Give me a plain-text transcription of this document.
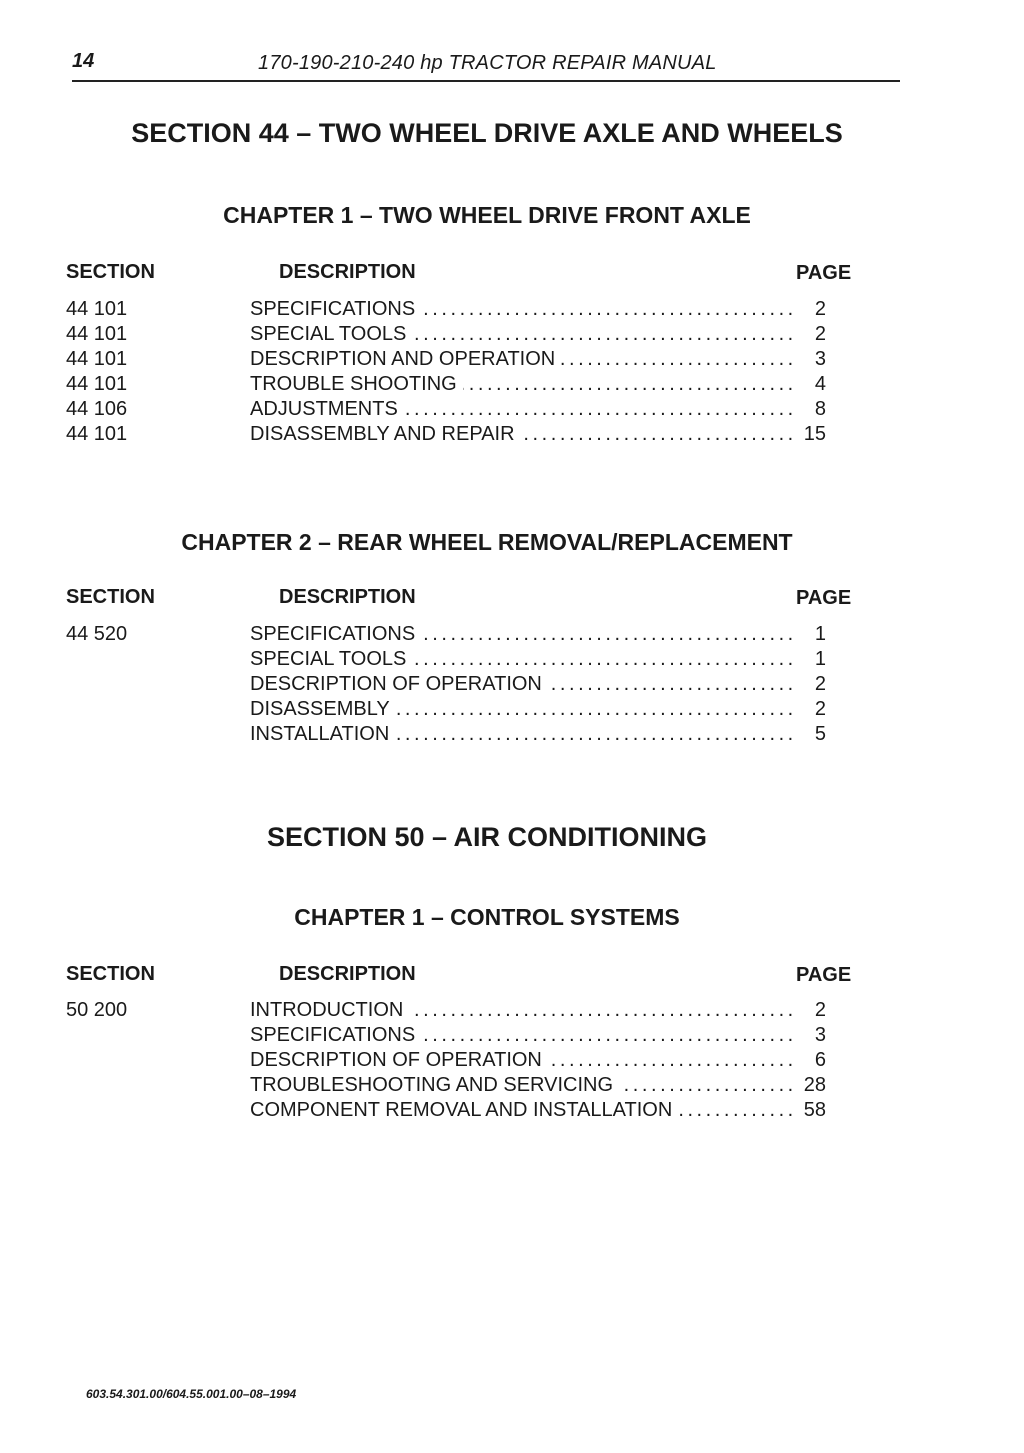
14	170-190-210-240 hp TRACTOR REPAIR MANUAL
SECTION 44 – TWO WHEEL DRIVE AXLE AND WHEELS
CHAPTER 1 – TWO WHEEL DRIVE FRONT AXLE
SECTION	DESCRIPTION	PAGE
44 101	SPECIFICATIONS . . .	2
44 101	SPECIAL TOOLS . . .	2
44 101	DESCRIPTION AND OPERATION . . .	3
44 101	TROUBLE SHOOTING . . .	4
44 106	ADJUSTMENTS . . .	8
44 101	DISASSEMBLY AND REPAIR . . .	15
CHAPTER 2 – REAR WHEEL REMOVAL/REPLACEMENT
SECTION	DESCRIPTION	PAGE
44 520	SPECIFICATIONS . . .	1
SPECIAL TOOLS . . .	1
DESCRIPTION OF OPERATION . . .	2
DISASSEMBLY . . .	2
INSTALLATION . . .	5
SECTION 50 – AIR CONDITIONING
CHAPTER 1 – CONTROL SYSTEMS
SECTION	DESCRIPTION	PAGE
50 200	INTRODUCTION . . .	2
SPECIFICATIONS . . .	3
DESCRIPTION OF OPERATION . . .	6
TROUBLESHOOTING AND SERVICING . . .	28
COMPONENT REMOVAL AND INSTALLATION . . .	58
603.54.301.00/604.55.001.00–08–1994
